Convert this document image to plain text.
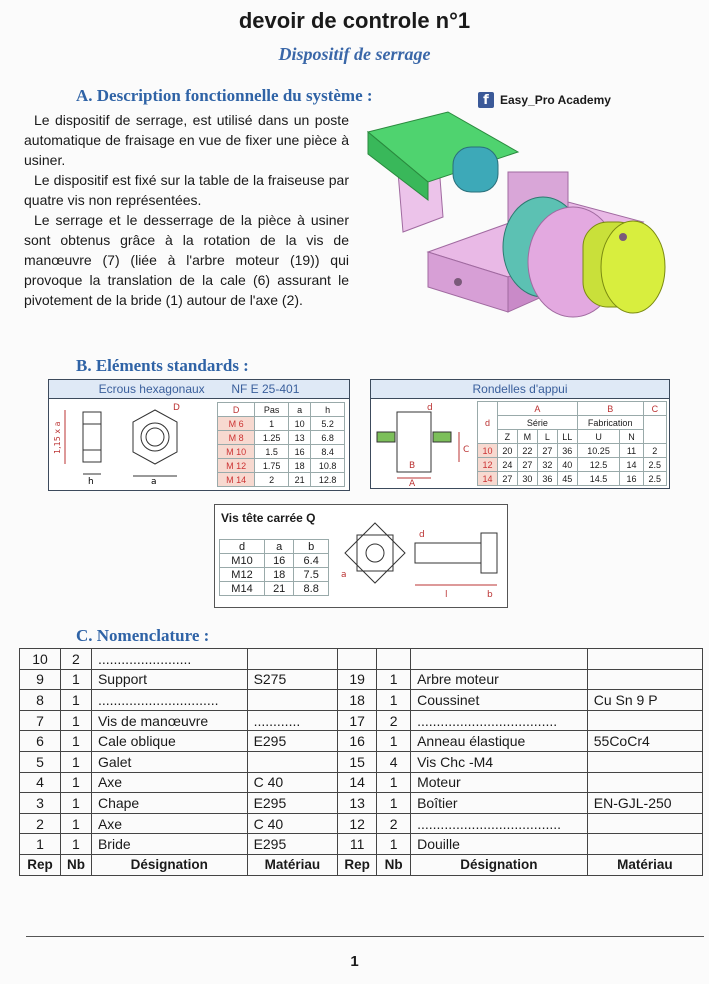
devoir de controle n°1
Dispositif de serrage
A. Description fonctionnelle du système :	f Easy_Pro Academy

Le dispositif de serrage, est utilisé dans un poste automatique de fraisage en vue de fixer une pièce à usiner.

Le dispositif est fixé sur la table de la fraiseuse par quatre vis non représentées.

Le serrage et le desserrage de la pièce à usiner sont obtenus grâce à la rotation de la vis de manœuvre (7) (liée à l'arbre moteur (19)) qui provoque la translation de la cale (6) assurant le pivotement de la bride (1) autour de l'axe (2).

B. Eléments standards :
Ecrous hexagonaux NF E 25-401
h	a
D
1,15 x a
D	Pas	a	h
M 6	1	10	5.2
M 8	1.25	13	6.8
M 10	1.5	16	8.4
M 12	1.75	18	10.8
M 14	2	21	12.8
Rondelles d'appui
d
B
A
C
d	A				B		C
	Série				Fabrication		
	Z	M	L	LL	U	N	
10	20	22	27	36	10.25	11	2
12	24	27	32	40	12.5	14	2.5
14	27	30	36	45	14.5	16	2.5
Vis tête carrée Q
d	a	b
M10	16	6.4
M12	18	7.5
M14	21	8.8
a
d
l	b
C. Nomenclature :
10	2	........................					
9	1	Support	S275	19	1	Arbre moteur	
8	1	...............................		18	1	Coussinet	Cu Sn 9 P
7	1	Vis de manœuvre	............	17	2	....................................	
6	1	Cale oblique	E295	16	1	Anneau élastique	55CoCr4
5	1	Galet		15	4	Vis Chc -M4	
4	1	Axe	C 40	14	1	Moteur	
3	1	Chape	E295	13	1	Boîtier	EN-GJL-250
2	1	Axe	C 40	12	2	.....................................	
1	1	Bride	E295	11	1	Douille	
Rep	Nb	Désignation	Matériau	Rep	Nb	Désignation	Matériau
1
